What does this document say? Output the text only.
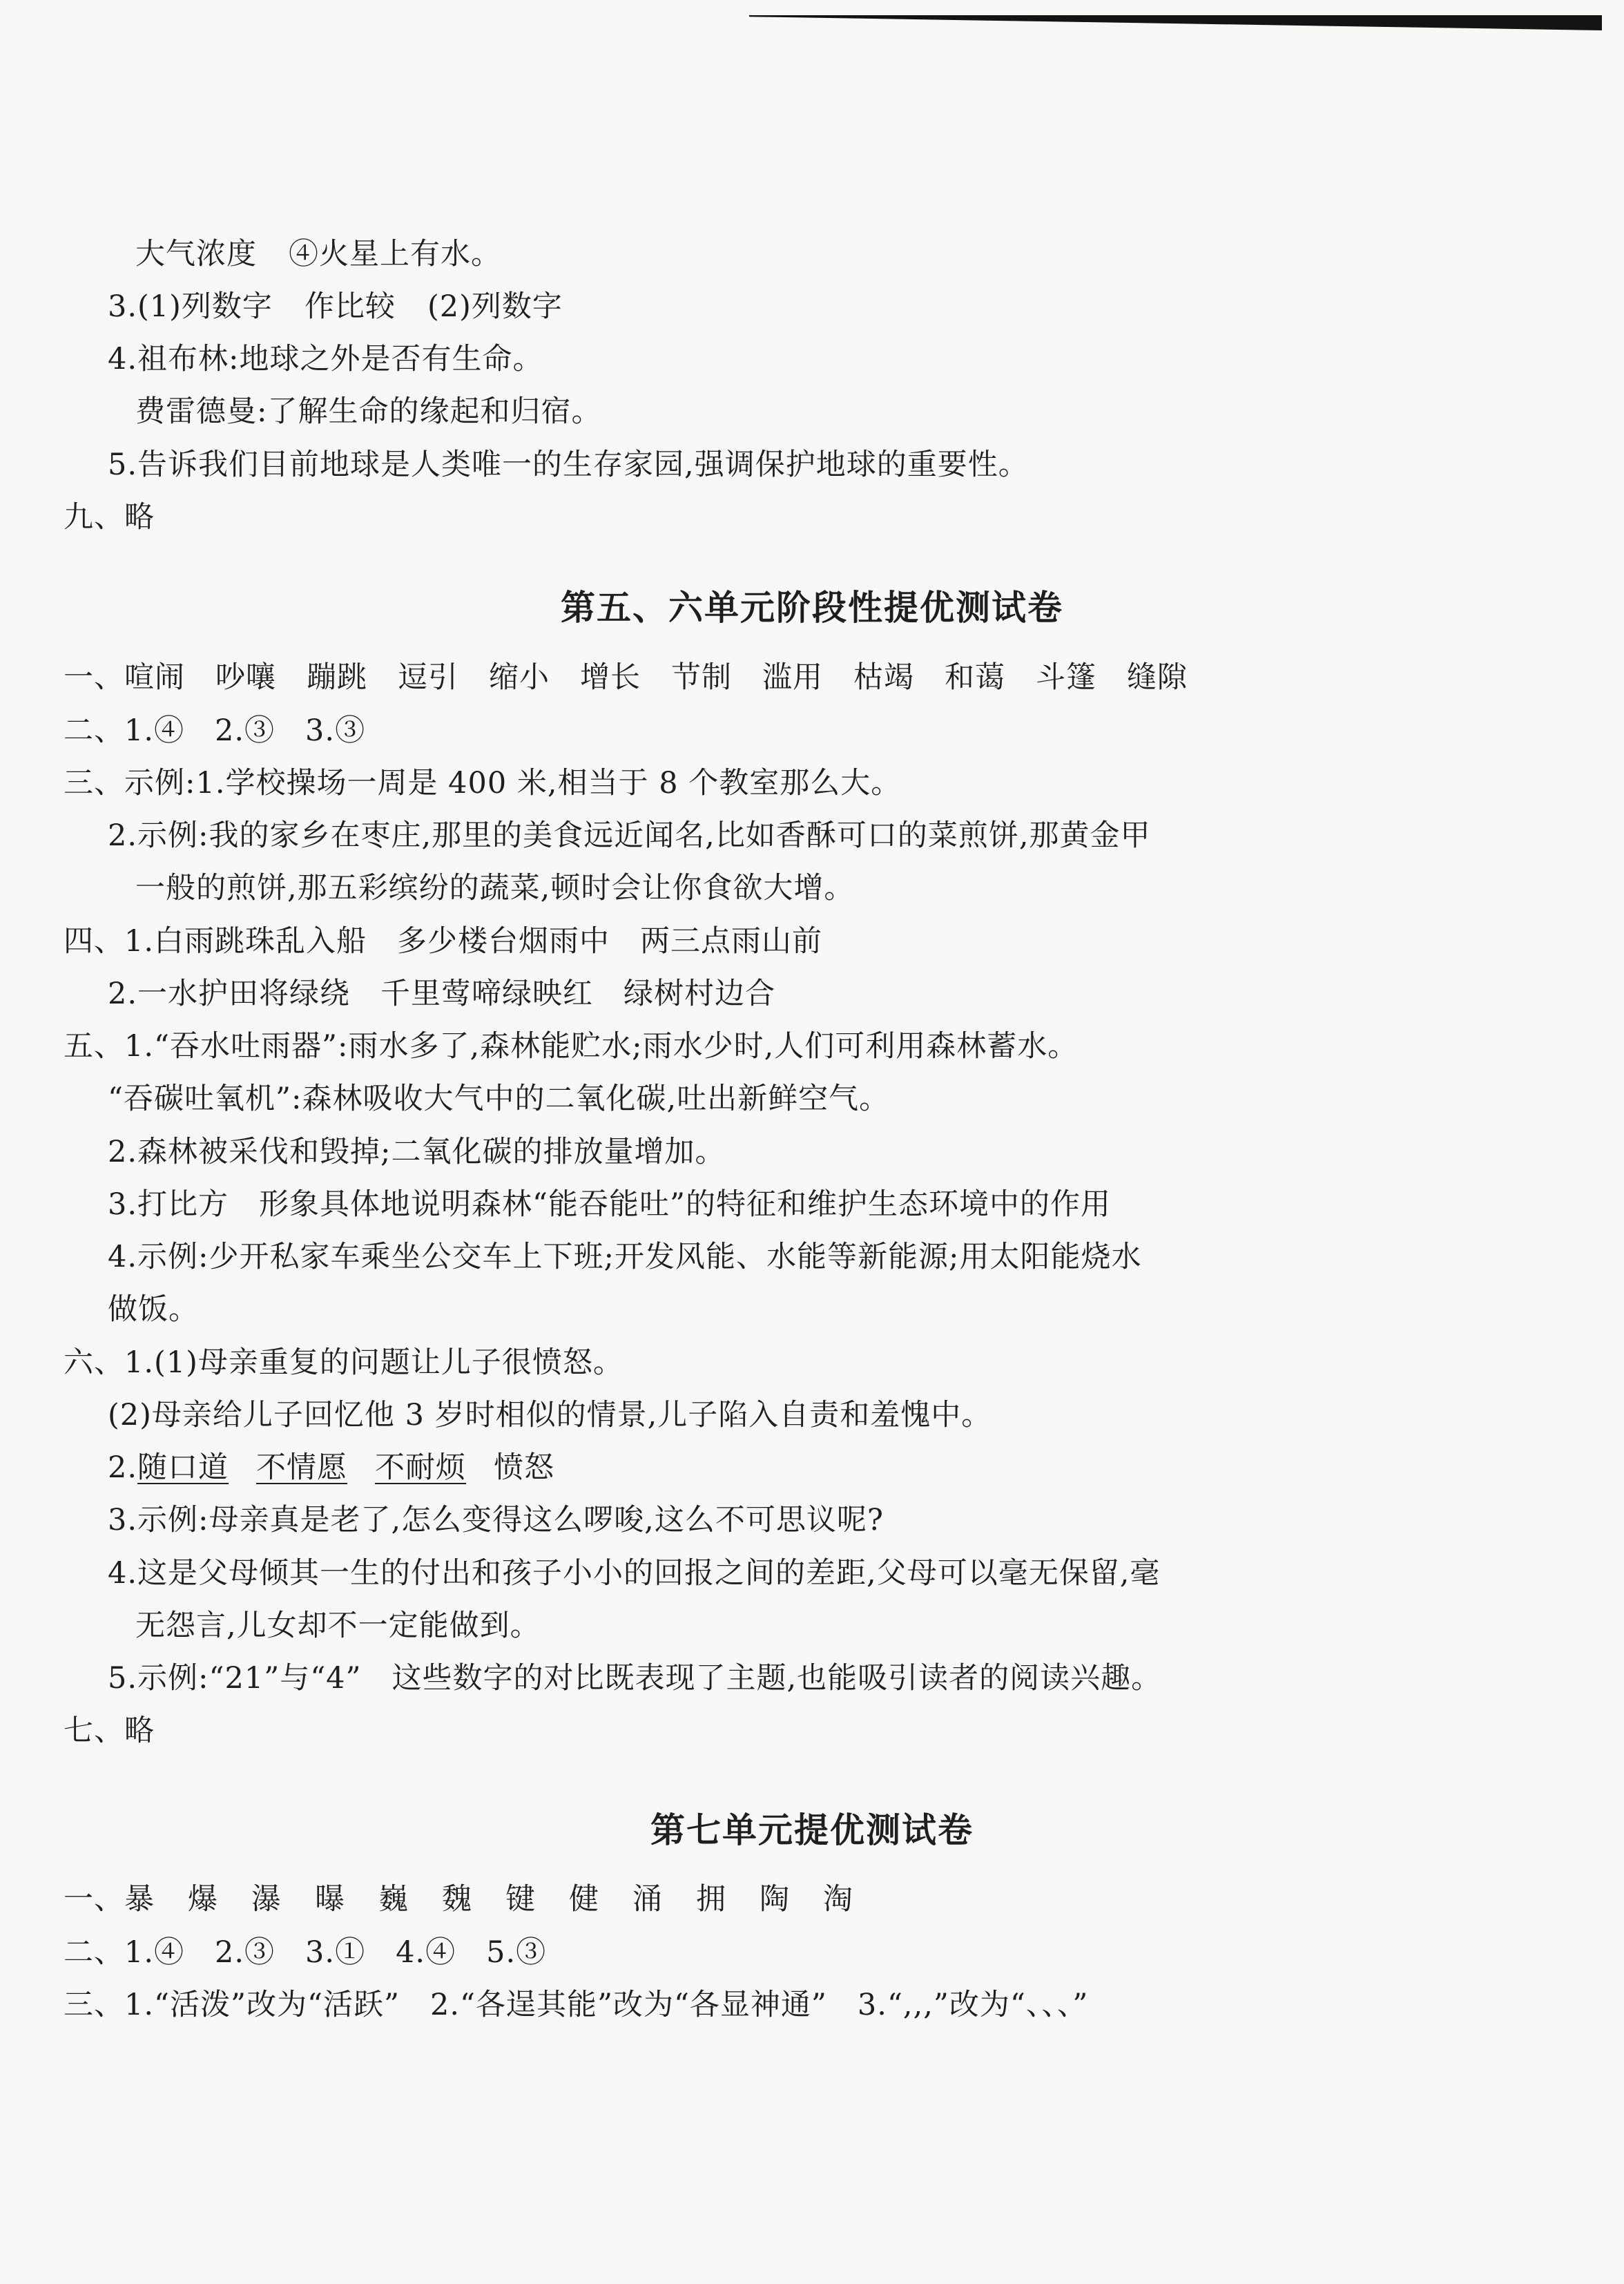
大气浓度 ④火星上有水。
3.(1)列数字 作比较 (2)列数字
4.祖布林:地球之外是否有生命。
费雷德曼:了解生命的缘起和归宿。
5.告诉我们目前地球是人类唯一的生存家园,强调保护地球的重要性。
九、略
第五、六单元阶段性提优测试卷
一、喧闹 吵嚷 蹦跳 逗引 缩小 增长 节制 滥用 枯竭 和蔼 斗篷 缝隙
二、1.④　2.③　3.③
三、示例:1.学校操场一周是 400 米,相当于 8 个教室那么大。
2.示例:我的家乡在枣庄,那里的美食远近闻名,比如香酥可口的菜煎饼,那黄金甲
一般的煎饼,那五彩缤纷的蔬菜,顿时会让你食欲大增。
四、1.白雨跳珠乱入船　多少楼台烟雨中　两三点雨山前
2.一水护田将绿绕　千里莺啼绿映红　绿树村边合
五、1.“吞水吐雨器”:雨水多了,森林能贮水;雨水少时,人们可利用森林蓄水。
“吞碳吐氧机”:森林吸收大气中的二氧化碳,吐出新鲜空气。
2.森林被采伐和毁掉;二氧化碳的排放量增加。
3.打比方　形象具体地说明森林“能吞能吐”的特征和维护生态环境中的作用
4.示例:少开私家车乘坐公交车上下班;开发风能、水能等新能源;用太阳能烧水
做饭。
六、1.(1)母亲重复的问题让儿子很愤怒。
(2)母亲给儿子回忆他 3 岁时相似的情景,儿子陷入自责和羞愧中。
2.随口道 不情愿 不耐烦 愤怒
3.示例:母亲真是老了,怎么变得这么啰唆,这么不可思议呢?
4.这是父母倾其一生的付出和孩子小小的回报之间的差距,父母可以毫无保留,毫
无怨言,儿女却不一定能做到。
5.示例:“21”与“4”　这些数字的对比既表现了主题,也能吸引读者的阅读兴趣。
七、略
第七单元提优测试卷
一、暴 爆 瀑 曝 巍 魏 键 健 涌 拥 陶 淘
二、1.④　2.③　3.①　4.④　5.③
三、1.“活泼”改为“活跃”　2.“各逞其能”改为“各显神通”　3.“,,,”改为“、、、”
